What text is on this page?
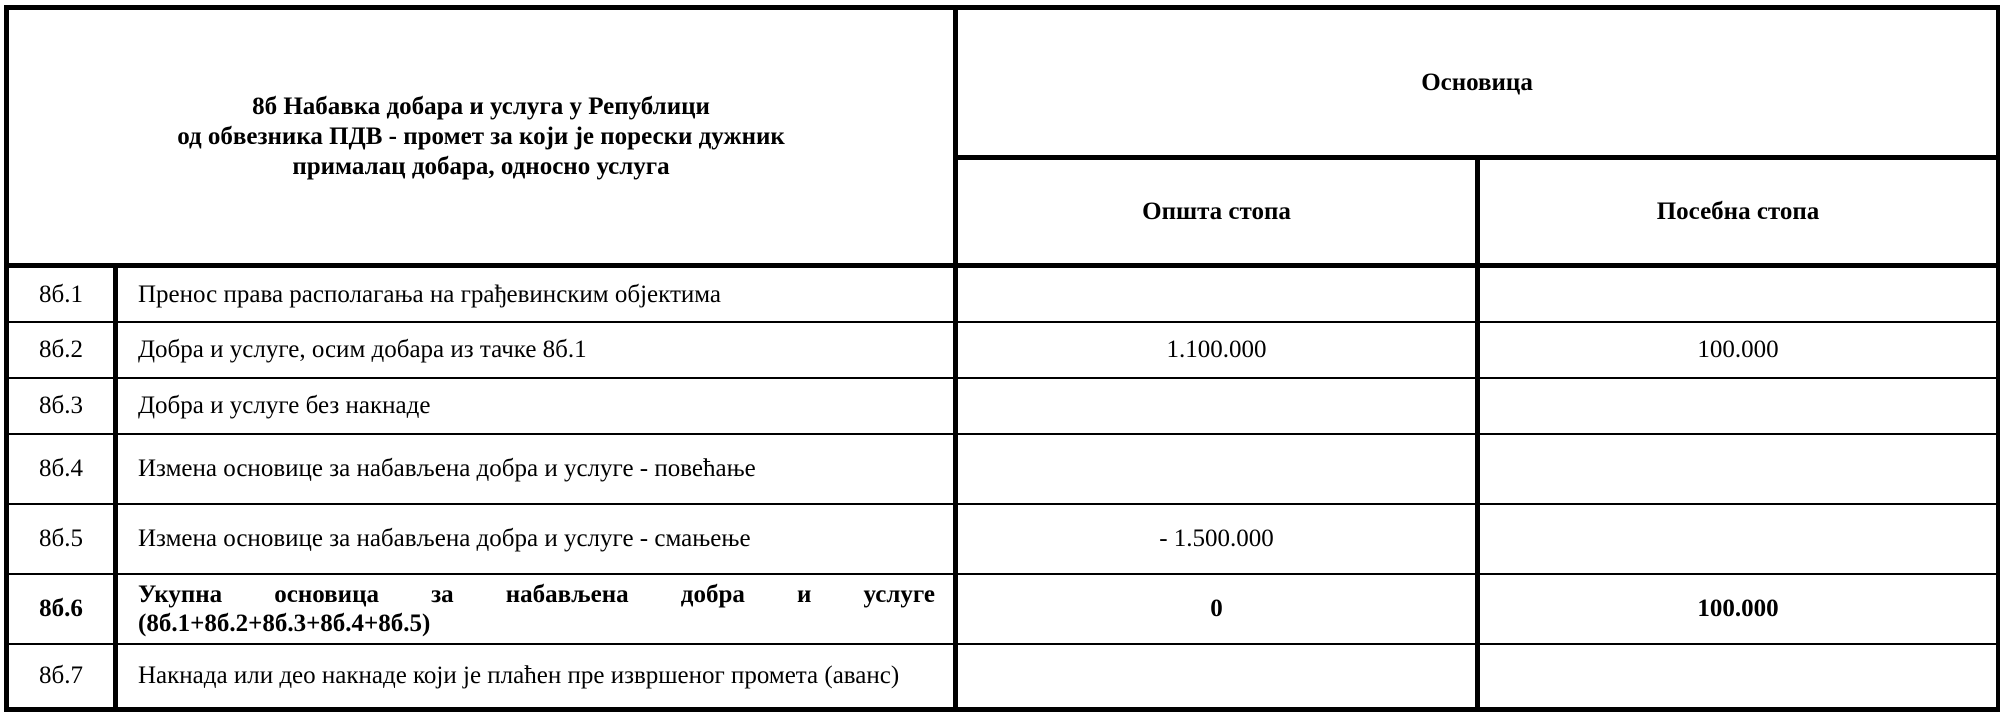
8б Набавка добара и услуга у Републици
од обвезника ПДВ - промет за који је порески дужник
прималац добара, односно услуга		Основица	
		Општа стопа	Посебна стопа
8б.1	Пренос права располагања на грађевинским објектима		
8б.2	Добра и услуге, осим добара из тачке 8б.1	1.100.000	100.000
8б.3	Добра и услуге без накнаде		
8б.4	Измена основице за набављена добра и услуге - повећање		
8б.5	Измена основице за набављена добра и услуге - смањење	- 1.500.000	
8б.6	Укупна основица за набављена добра и услуге (8б.1+8б.2+8б.3+8б.4+8б.5)	0	100.000
8б.7	Накнада или део накнаде који је плаћен пре извршеног промета (аванс)		
